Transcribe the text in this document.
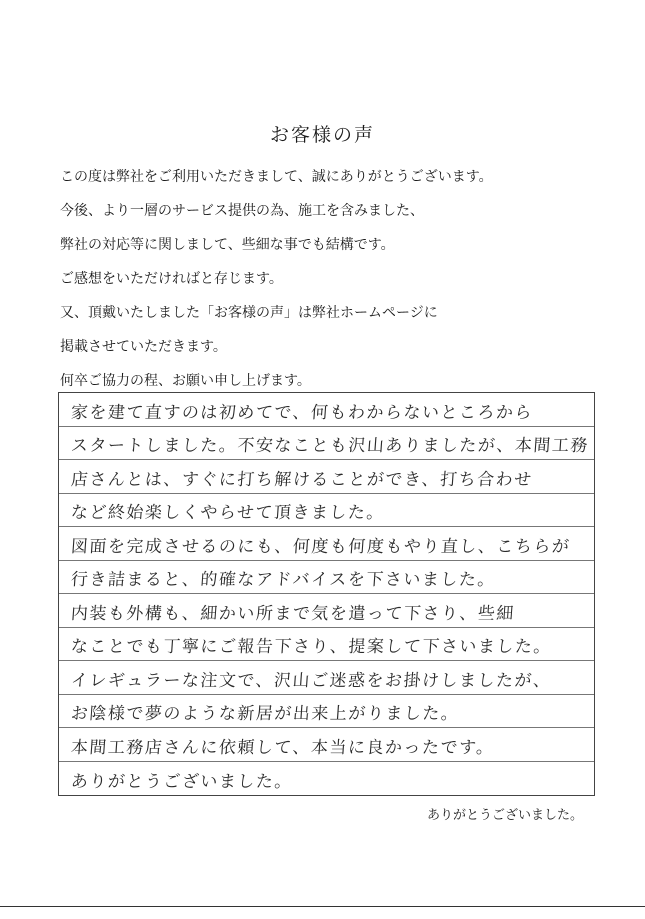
お客様の声
この度は弊社をご利用いただきまして、誠にありがとうございます。
今後、より一層のサービス提供の為、施工を含みました、
弊社の対応等に関しまして、些細な事でも結構です。
ご感想をいただければと存じます。
又、頂戴いたしました「お客様の声」は弊社ホームページに
掲載させていただきます。
何卒ご協力の程、お願い申し上げます。
家を建て直すのは初めてで、何もわからないところから
スタートしました。不安なことも沢山ありましたが、本間工務
店さんとは、すぐに打ち解けることができ、打ち合わせ
など終始楽しくやらせて頂きました。
図面を完成させるのにも、何度も何度もやり直し、こちらが
行き詰まると、的確なアドバイスを下さいました。
内装も外構も、細かい所まで気を遣って下さり、些細
なことでも丁寧にご報告下さり、提案して下さいました。
イレギュラーな注文で、沢山ご迷惑をお掛けしましたが、
お陰様で夢のような新居が出来上がりました。
本間工務店さんに依頼して、本当に良かったです。
ありがとうございました。
ありがとうございました。
